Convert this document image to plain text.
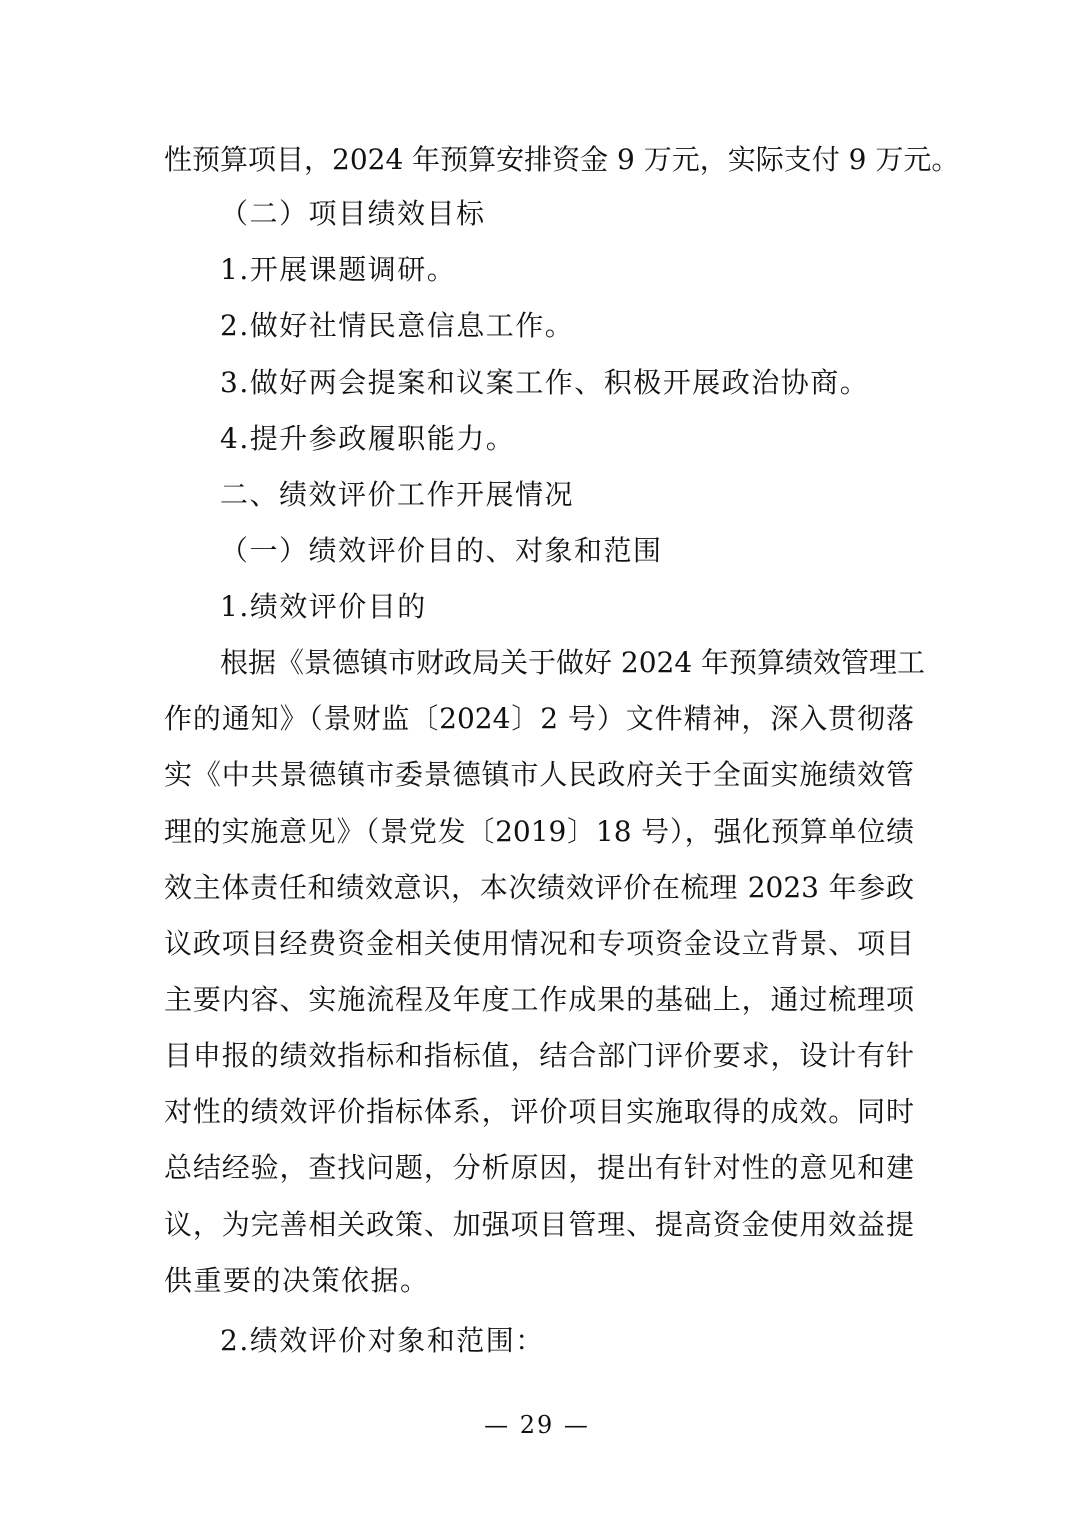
性预算项目，2024 年预算安排资金 9 万元，实际支付 9 万元。
（二）项目绩效目标
1.开展课题调研。
2.做好社情民意信息工作。
3.做好两会提案和议案工作、积极开展政治协商。
4.提升参政履职能力。
二、绩效评价工作开展情况
（一）绩效评价目的、对象和范围
1.绩效评价目的
根据《景德镇市财政局关于做好 2024 年预算绩效管理工
作的通知》（景财监〔2024〕2 号）文件精神，深入贯彻落
实《中共景德镇市委景德镇市人民政府关于全面实施绩效管
理的实施意见》（景党发〔2019〕18 号），强化预算单位绩
效主体责任和绩效意识，本次绩效评价在梳理 2023 年参政
议政项目经费资金相关使用情况和专项资金设立背景、项目
主要内容、实施流程及年度工作成果的基础上，通过梳理项
目申报的绩效指标和指标值，结合部门评价要求，设计有针
对性的绩效评价指标体系，评价项目实施取得的成效。同时
总结经验，查找问题，分析原因，提出有针对性的意见和建
议，为完善相关政策、加强项目管理、提高资金使用效益提
供重要的决策依据。
2.绩效评价对象和范围：
— 29 —
